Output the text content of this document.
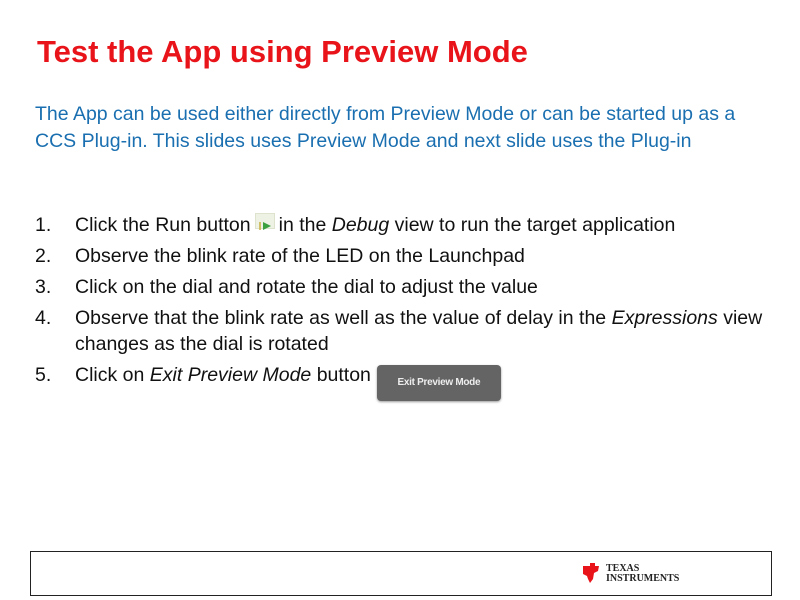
Test the App using Preview Mode

The App can be used either directly from Preview Mode or can be started up as a CCS Plug-in. This slides uses Preview Mode and next slide uses the Plug-in

1. Click the Run button in the Debug view to run the target application
2. Observe the blink rate of the LED on the Launchpad
3. Click on the dial and rotate the dial to adjust the value
4. Observe that the blink rate as well as the value of delay in the Expressions view changes as the dial is rotated
5. Click on Exit Preview Mode button	Exit Preview Mode
TEXAS
INSTRUMENTS
